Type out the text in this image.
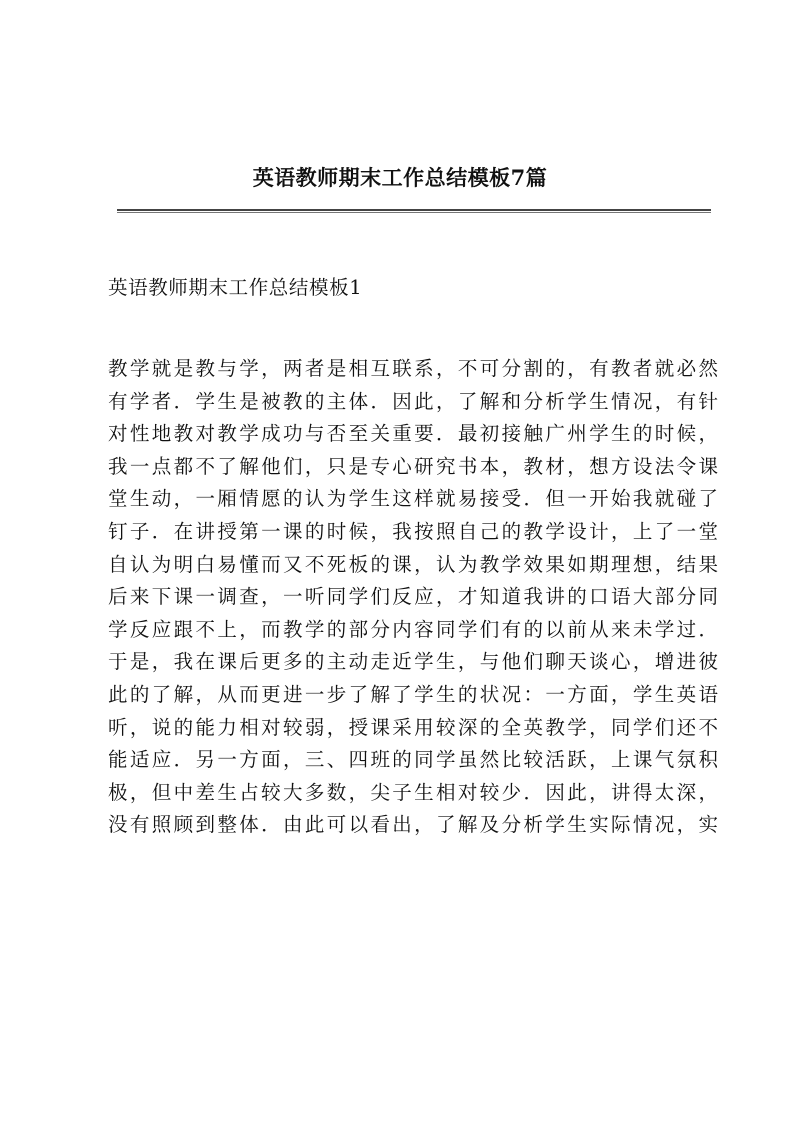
英语教师期末工作总结模板7篇
英语教师期末工作总结模板1
教学就是教与学，两者是相互联系，不可分割的，有教者就必然
有学者．学生是被教的主体．因此，了解和分析学生情况，有针
对性地教对教学成功与否至关重要．最初接触广州学生的时候，
我一点都不了解他们，只是专心研究书本，教材，想方设法令课
堂生动，一厢情愿的认为学生这样就易接受．但一开始我就碰了
钉子．在讲授第一课的时候，我按照自己的教学设计，上了一堂
自认为明白易懂而又不死板的课，认为教学效果如期理想，结果
后来下课一调查，一听同学们反应，才知道我讲的口语大部分同
学反应跟不上，而教学的部分内容同学们有的以前从来未学过．
于是，我在课后更多的主动走近学生，与他们聊天谈心，增进彼
此的了解，从而更进一步了解了学生的状况：一方面，学生英语
听，说的能力相对较弱，授课采用较深的全英教学，同学们还不
能适应．另一方面，三、四班的同学虽然比较活跃，上课气氛积
极，但中差生占较大多数，尖子生相对较少．因此，讲得太深，
没有照顾到整体．由此可以看出，了解及分析学生实际情况，实
